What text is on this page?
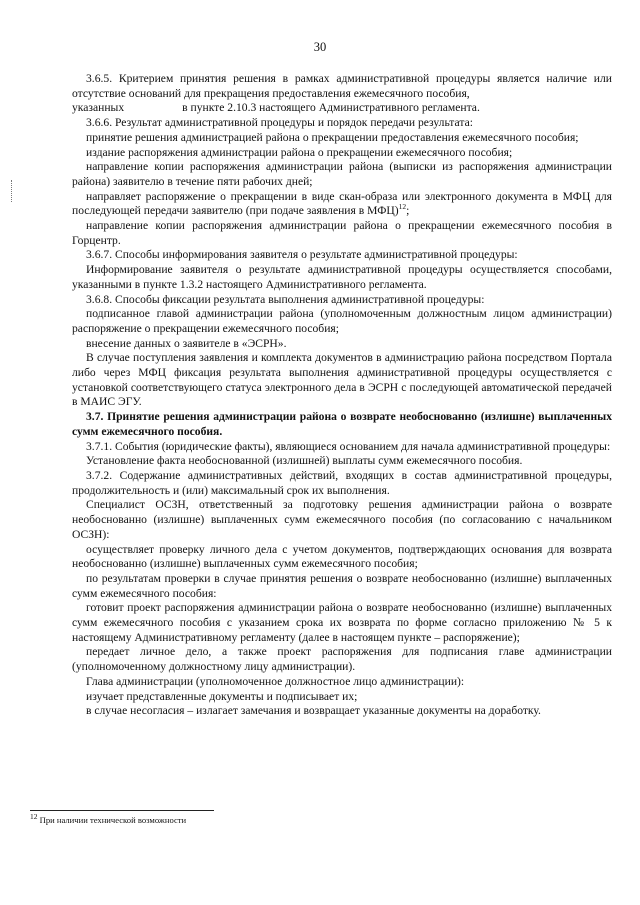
30

3.6.5. Критерием принятия решения в рамках административной процедуры является наличие или отсутствие оснований для прекращения предоставления ежемесячного пособия,

указанных	в пункте 2.10.3 настоящего Административного регламента.

3.6.6. Результат административной процедуры и порядок передачи результата:

принятие решения администрацией района о прекращении предоставления ежемесячного пособия;

издание распоряжения администрации района о прекращении ежемесячного пособия;

направление копии распоряжения администрации района (выписки из распоряжения администрации района) заявителю в течение пяти рабочих дней;

направляет распоряжение о прекращении в виде скан-образа или электронного документа в МФЦ для последующей передачи заявителю (при подаче заявления в МФЦ)$^{12}$;

направление копии распоряжения администрации района о прекращении ежемесячного пособия в Горцентр.

3.6.7. Способы информирования заявителя о результате административной процедуры:

Информирование заявителя о результате административной процедуры осуществляется способами, указанными в пункте 1.3.2 настоящего Административного регламента.

3.6.8. Способы фиксации результата выполнения административной процедуры:

подписанное главой администрации района (уполномоченным должностным лицом администрации) распоряжение о прекращении ежемесячного пособия;

внесение данных о заявителе в «ЭСРН».

В случае поступления заявления и комплекта документов в администрацию района посредством Портала либо через МФЦ фиксация результата выполнения административной процедуры осуществляется с установкой соответствующего статуса электронного дела в ЭСРН с последующей автоматической передачей в МАИС ЭГУ.

3.7. Принятие решения администрации района о возврате необоснованно (излишне) выплаченных сумм ежемесячного пособия.

3.7.1. События (юридические факты), являющиеся основанием для начала административной процедуры:

Установление факта необоснованной (излишней) выплаты сумм ежемесячного пособия.

3.7.2. Содержание административных действий, входящих в состав административной процедуры, продолжительность и (или) максимальный срок их выполнения.

Специалист ОСЗН, ответственный за подготовку решения администрации района о возврате необоснованно (излишне) выплаченных сумм ежемесячного пособия (по согласованию с начальником ОСЗН):

осуществляет проверку личного дела с учетом документов, подтверждающих основания для возврата необоснованно (излишне) выплаченных сумм ежемесячного пособия;

по результатам проверки в случае принятия решения о возврате необоснованно (излишне) выплаченных сумм ежемесячного пособия:

готовит проект распоряжения администрации района о возврате необоснованно (излишне) выплаченных сумм ежемесячного пособия с указанием срока их возврата по форме согласно приложению № 5 к настоящему Административному регламенту (далее в настоящем пункте – распоряжение);

передает личное дело, а также проект распоряжения для подписания главе администрации (уполномоченному должностному лицу администрации).

Глава администрации (уполномоченное должностное лицо администрации):

изучает представленные документы и подписывает их;

в случае несогласия – излагает замечания и возвращает указанные документы на доработку.

$^{12}$ При наличии технической возможности
